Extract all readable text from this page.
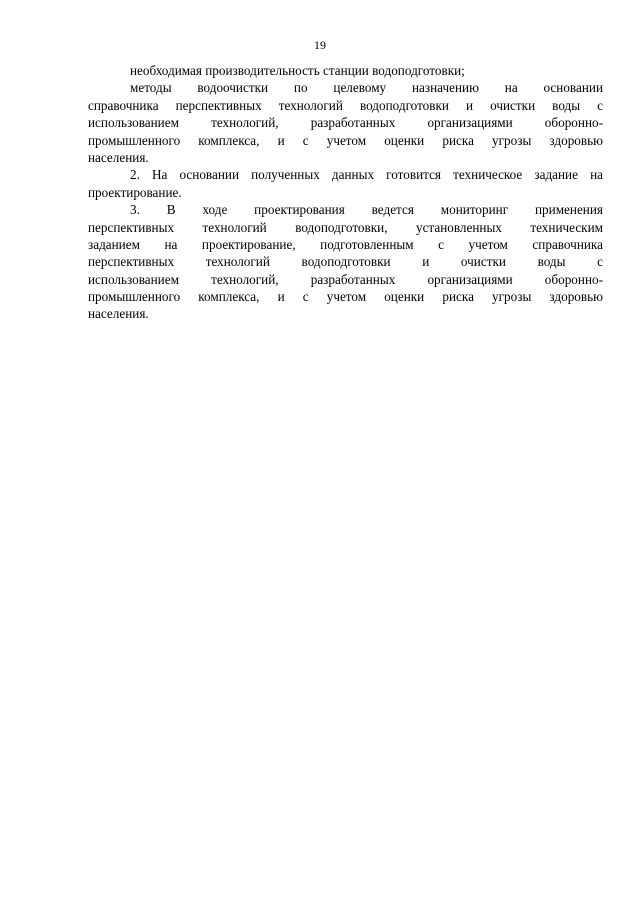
19
необходимая производительность станции водоподготовки;
методы водоочистки по целевому назначению на основании
справочника перспективных технологий водоподготовки и очистки воды с
использованием технологий, разработанных организациями оборонно-
промышленного комплекса, и с учетом оценки риска угрозы здоровью
населения.
2. На основании полученных данных готовится техническое задание на
проектирование.
3. В ходе проектирования ведется мониторинг применения
перспективных технологий водоподготовки, установленных техническим
заданием на проектирование, подготовленным с учетом справочника
перспективных технологий водоподготовки и очистки воды с
использованием технологий, разработанных организациями оборонно-
промышленного комплекса, и с учетом оценки риска угрозы здоровью
населения.
